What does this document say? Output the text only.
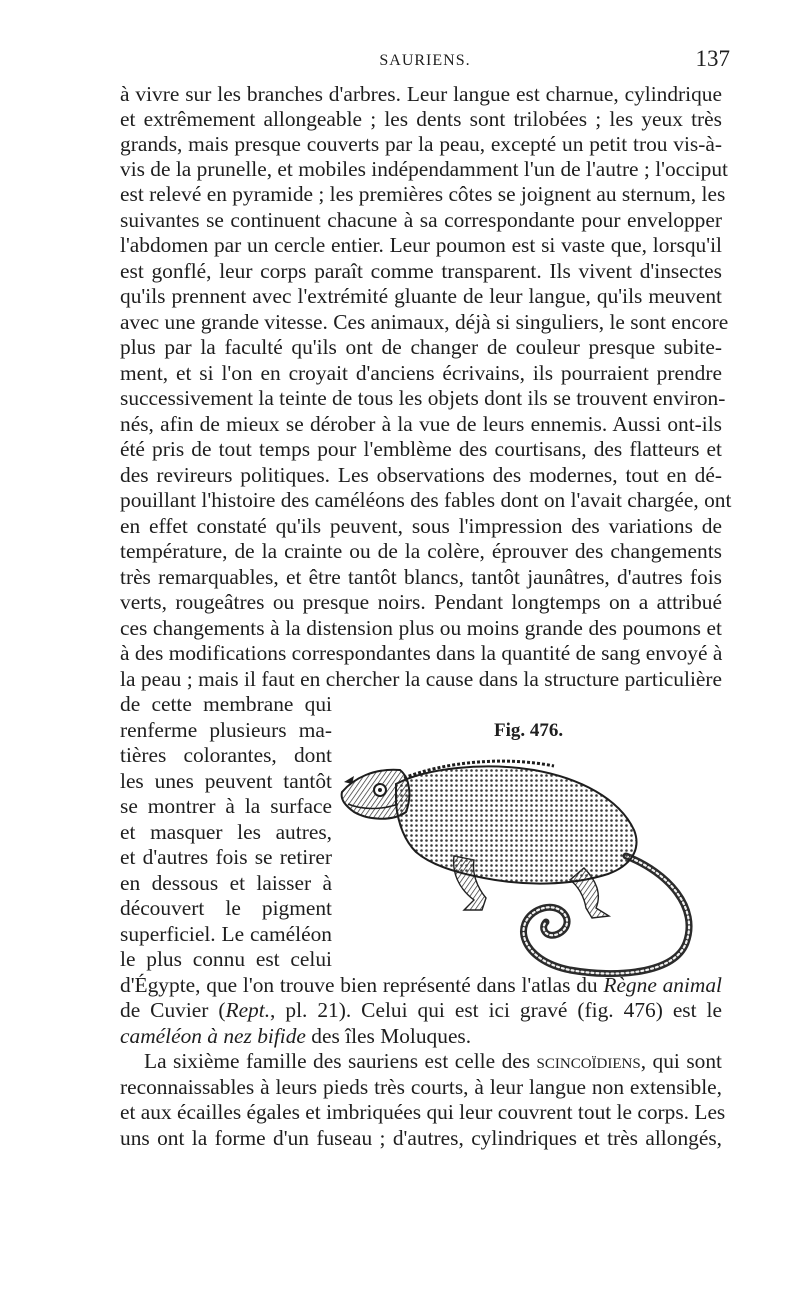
SAURIENS.	137
à vivre sur les branches d'arbres. Leur langue est charnue, cylindrique
et extrêmement allongeable ; les dents sont trilobées ; les yeux très
grands, mais presque couverts par la peau, excepté un petit trou vis-à-
vis de la prunelle, et mobiles indépendamment l'un de l'autre ; l'occiput
est relevé en pyramide ; les premières côtes se joignent au sternum, les
suivantes se continuent chacune à sa correspondante pour envelopper
l'abdomen par un cercle entier. Leur poumon est si vaste que, lorsqu'il
est gonflé, leur corps paraît comme transparent. Ils vivent d'insectes
qu'ils prennent avec l'extrémité gluante de leur langue, qu'ils meuvent
avec une grande vitesse. Ces animaux, déjà si singuliers, le sont encore
plus par la faculté qu'ils ont de changer de couleur presque subite-
ment, et si l'on en croyait d'anciens écrivains, ils pourraient prendre
successivement la teinte de tous les objets dont ils se trouvent environ-
nés, afin de mieux se dérober à la vue de leurs ennemis. Aussi ont-ils
été pris de tout temps pour l'emblème des courtisans, des flatteurs et
des revireurs politiques. Les observations des modernes, tout en dé-
pouillant l'histoire des caméléons des fables dont on l'avait chargée, ont
en effet constaté qu'ils peuvent, sous l'impression des variations de
température, de la crainte ou de la colère, éprouver des changements
très remarquables, et être tantôt blancs, tantôt jaunâtres, d'autres fois
verts, rougeâtres ou presque noirs. Pendant longtemps on a attribué
ces changements à la distension plus ou moins grande des poumons et
à des modifications correspondantes dans la quantité de sang envoyé à
la peau ; mais il faut en chercher la cause dans la structure particulière
de cette membrane qui
renferme plusieurs ma-
tières colorantes, dont
les unes peuvent tantôt
se montrer à la surface
et masquer les autres,
et d'autres fois se retirer
en dessous et laisser à
découvert le pigment
superficiel. Le caméléon
le plus connu est celui
Fig. 476.
d'Égypte, que l'on trouve bien représenté dans l'atlas du Règne animal
de Cuvier (Rept., pl. 21). Celui qui est ici gravé (fig. 476) est le
caméléon à nez bifide des îles Moluques.
La sixième famille des sauriens est celle des scincoïdiens, qui sont
reconnaissables à leurs pieds très courts, à leur langue non extensible,
et aux écailles égales et imbriquées qui leur couvrent tout le corps. Les
uns ont la forme d'un fuseau ; d'autres, cylindriques et très allongés,
